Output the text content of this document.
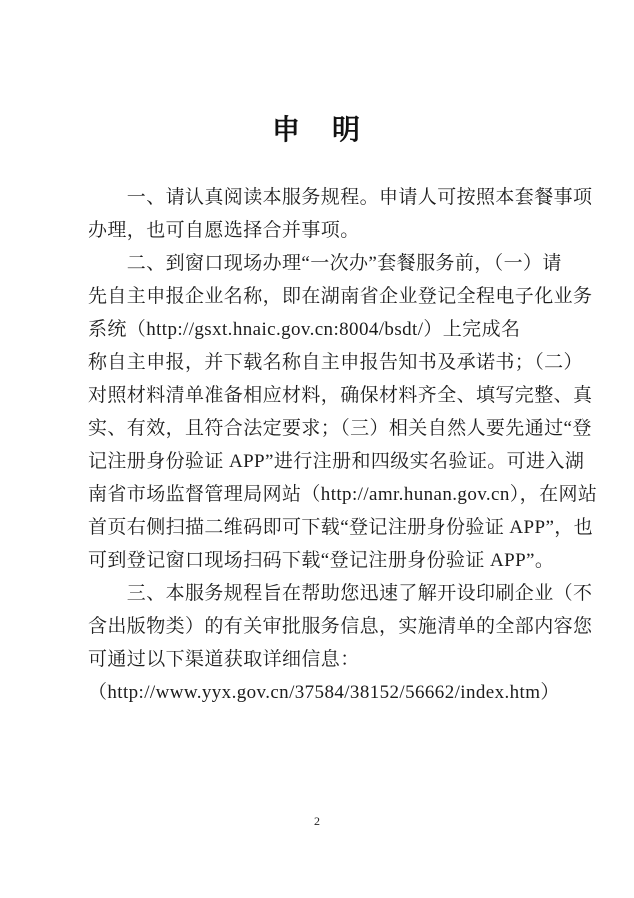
申　明
　　一、请认真阅读本服务规程。申请人可按照本套餐事项
办理，也可自愿选择合并事项。
　　二、到窗口现场办理“一次办”套餐服务前，（一）请
先自主申报企业名称，即在湖南省企业登记全程电子化业务
系统（http://gsxt.hnaic.gov.cn:8004/bsdt/）上完成名
称自主申报，并下载名称自主申报告知书及承诺书；（二）
对照材料清单准备相应材料，确保材料齐全、填写完整、真
实、有效，且符合法定要求；（三）相关自然人要先通过“登
记注册身份验证 APP”进行注册和四级实名验证。可进入湖
南省市场监督管理局网站（http://amr.hunan.gov.cn），在网站
首页右侧扫描二维码即可下载“登记注册身份验证 APP”，也
可到登记窗口现场扫码下载“登记注册身份验证 APP”。
　　三、本服务规程旨在帮助您迅速了解开设印刷企业（不
含出版物类）的有关审批服务信息，实施清单的全部内容您
可通过以下渠道获取详细信息：
（http://www.yyx.gov.cn/37584/38152/56662/index.htm）
2
